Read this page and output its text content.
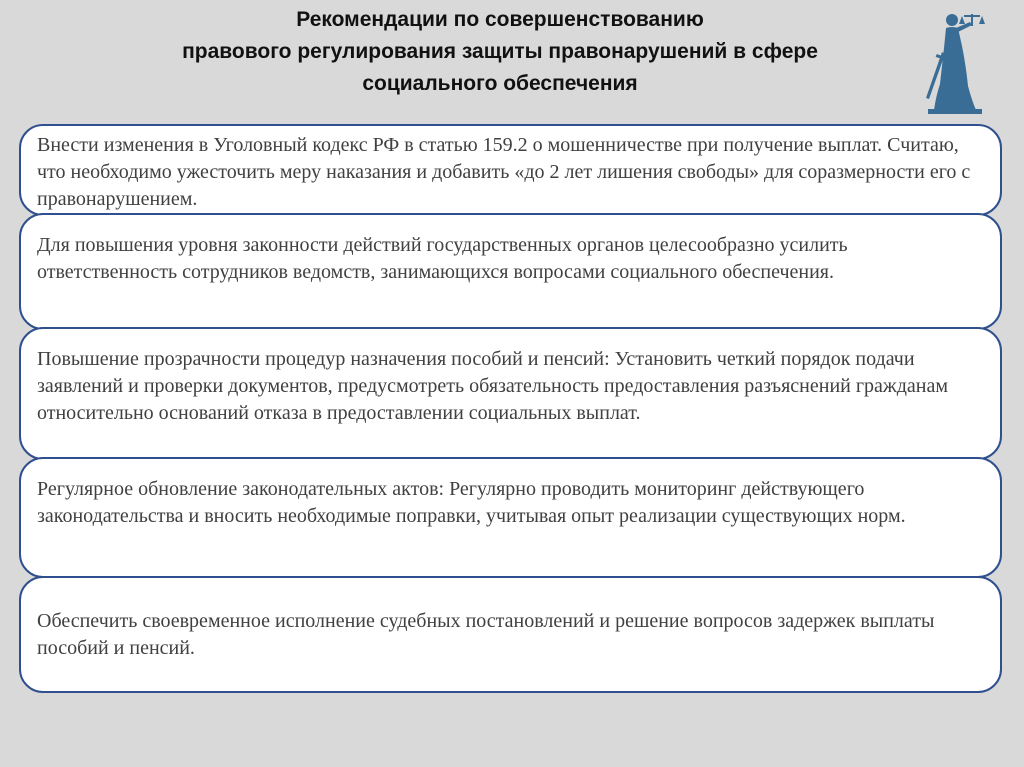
Рекомендации по совершенствованию
правового регулирования защиты правонарушений в сфере
социального обеспечения
Внести изменения в Уголовный кодекс РФ в статью 159.2 о мошенничестве при получение выплат. Считаю, что необходимо ужесточить меру наказания и добавить «до 2 лет лишения свободы» для соразмерности его с правонарушением.
Для повышения уровня законности действий государственных органов целесообразно усилить ответственность сотрудников ведомств, занимающихся вопросами социального обеспечения.
Повышение прозрачности процедур назначения пособий и пенсий: Установить четкий порядок подачи заявлений и проверки документов, предусмотреть обязательность предоставления разъяснений гражданам относительно оснований отказа в предоставлении социальных выплат.
Регулярное обновление законодательных актов: Регулярно проводить мониторинг действующего законодательства и вносить необходимые поправки, учитывая опыт реализации существующих норм.
Обеспечить своевременное исполнение судебных постановлений и решение вопросов задержек выплаты пособий и пенсий.
